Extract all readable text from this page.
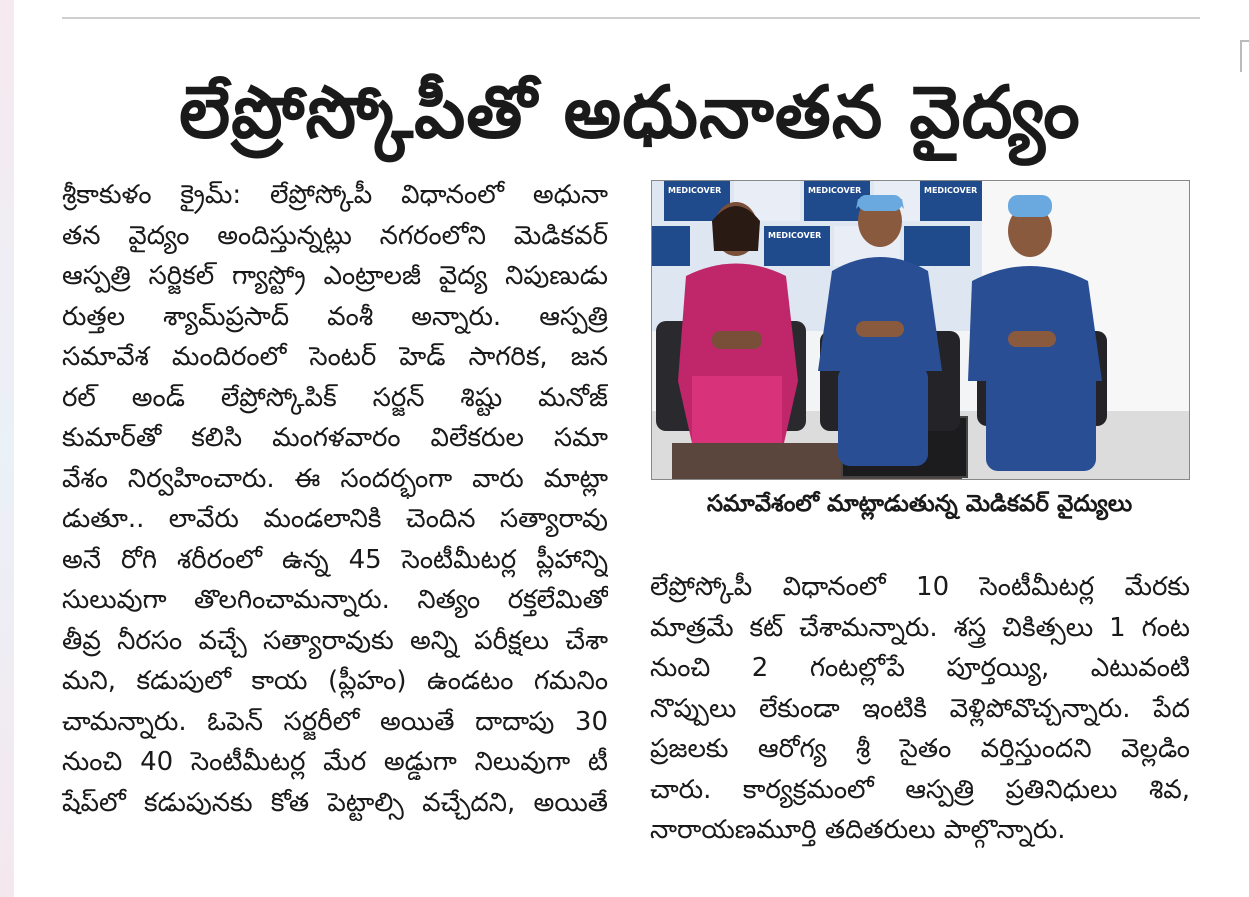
లేప్రోస్కోపీతో అధునాతన వైద్యం
శ్రీకాకుళం క్రైమ్: లేప్రోస్కోపీ విధానంలో అధునా
తన వైద్యం అందిస్తున్నట్లు నగరంలోని మెడికవర్
ఆస్పత్రి సర్జికల్ గ్యాస్ట్రో ఎంట్రాలజీ వైద్య నిపుణుడు
రుత్తల శ్యామ్‌ప్రసాద్ వంశీ అన్నారు. ఆస్పత్రి
సమావేశ మందిరంలో సెంటర్ హెడ్ సాగరిక, జన
రల్ అండ్ లేప్రోస్కోపిక్ సర్జన్ శిష్టు మనోజ్
కుమార్‌తో కలిసి మంగళవారం విలేకరుల సమా
వేశం నిర్వహించారు. ఈ సందర్భంగా వారు మాట్లా
డుతూ.. లావేరు మండలానికి చెందిన సత్యారావు
అనే రోగి శరీరంలో ఉన్న 45 సెంటీమీటర్ల ప్లీహాన్ని
సులువుగా తొలగించామన్నారు. నిత్యం రక్తలేమితో
తీవ్ర నీరసం వచ్చే సత్యారావుకు అన్ని పరీక్షలు చేశా
మని, కడుపులో కాయ (ప్లీహం) ఉండటం గమనిం
చామన్నారు. ఓపెన్ సర్జరీలో అయితే దాదాపు 30
నుంచి 40 సెంటీమీటర్ల మేర అడ్డుగా నిలువుగా టీ
షేప్‌లో కడుపునకు కోత పెట్టాల్సి వచ్చేదని, అయితే
MEDICOVER	MEDICOVER	MEDICOVER
MEDICOVER
సమావేశంలో మాట్లాడుతున్న మెడికవర్ వైద్యులు
లేప్రోస్కోపీ విధానంలో 10 సెంటీమీటర్ల మేరకు
మాత్రమే కట్ చేశామన్నారు. శస్త్ర చికిత్సలు 1 గంట
నుంచి 2 గంటల్లోపే పూర్తయ్యి, ఎటువంటి
నొప్పులు లేకుండా ఇంటికి వెళ్లిపోవొచ్చన్నారు. పేద
ప్రజలకు ఆరోగ్య శ్రీ సైతం వర్తిస్తుందని వెల్లడిం
చారు. కార్యక్రమంలో ఆస్పత్రి ప్రతినిధులు శివ,
నారాయణమూర్తి తదితరులు పాల్గొన్నారు.
